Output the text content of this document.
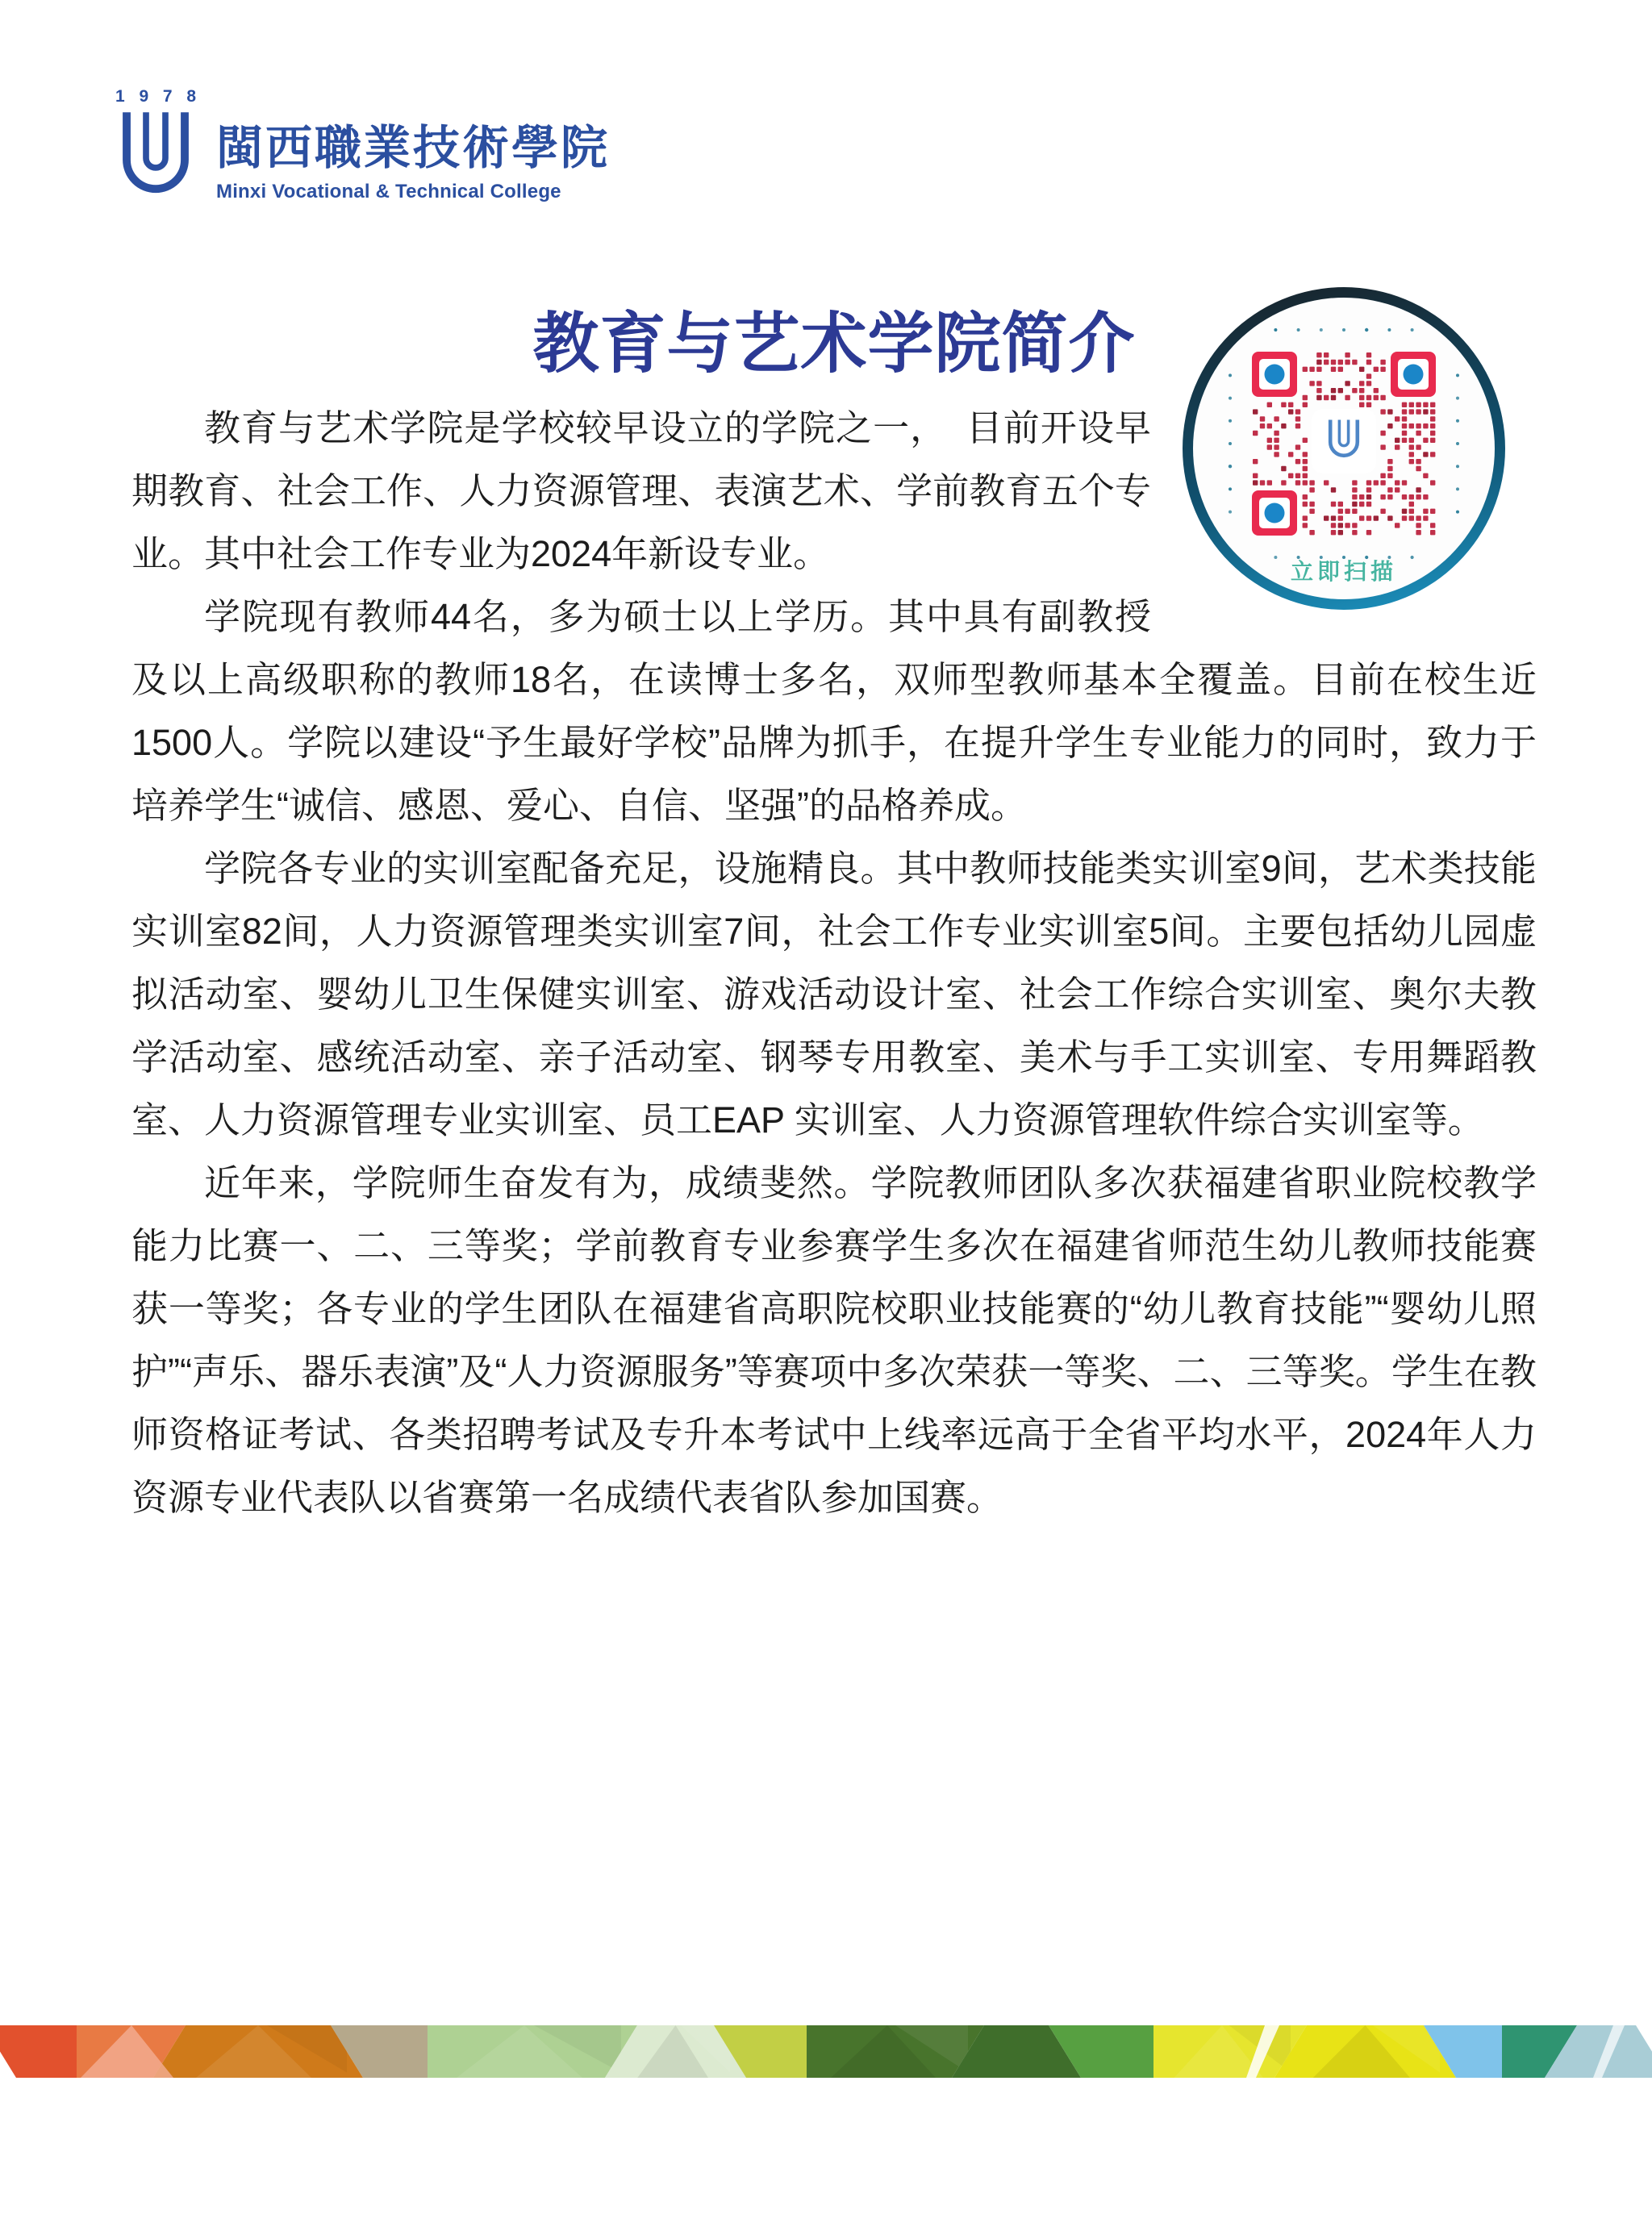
1 9 7 8
閩西職業技術學院
Minxi Vocational & Technical College
立即扫描
教育与艺术学院简介

教育与艺术学院是学校较早设立的学院之一，　目前开设早期教育、社会工作、人力资源管理、表演艺术、学前教育五个专业。其中社会工作专业为2024年新设专业。

学院现有教师44名，多为硕士以上学历。其中具有副教授及以上高级职称的教师18名，在读博士多名，双师型教师基本全覆盖。目前在校生近1500人。学院以建设“予生最好学校”品牌为抓手，在提升学生专业能力的同时，致力于培养学生“诚信、感恩、爱心、自信、坚强”的品格养成。

学院各专业的实训室配备充足，设施精良。其中教师技能类实训室9间，艺术类技能实训室82间，人力资源管理类实训室7间，社会工作专业实训室5间。主要包括幼儿园虚拟活动室、婴幼儿卫生保健实训室、游戏活动设计室、社会工作综合实训室、奥尔夫教学活动室、感统活动室、亲子活动室、钢琴专用教室、美术与手工实训室、专用舞蹈教室、人力资源管理专业实训室、员工EAP 实训室、人力资源管理软件综合实训室等。

近年来，学院师生奋发有为，成绩斐然。学院教师团队多次获福建省职业院校教学能力比赛一、二、三等奖；学前教育专业参赛学生多次在福建省师范生幼儿教师技能赛获一等奖；各专业的学生团队在福建省高职院校职业技能赛的“幼儿教育技能”“婴幼儿照护”“声乐、器乐表演”及“人力资源服务”等赛项中多次荣获一等奖、二、三等奖。学生在教师资格证考试、各类招聘考试及专升本考试中上线率远高于全省平均水平，2024年人力资源专业代表队以省赛第一名成绩代表省队参加国赛。
